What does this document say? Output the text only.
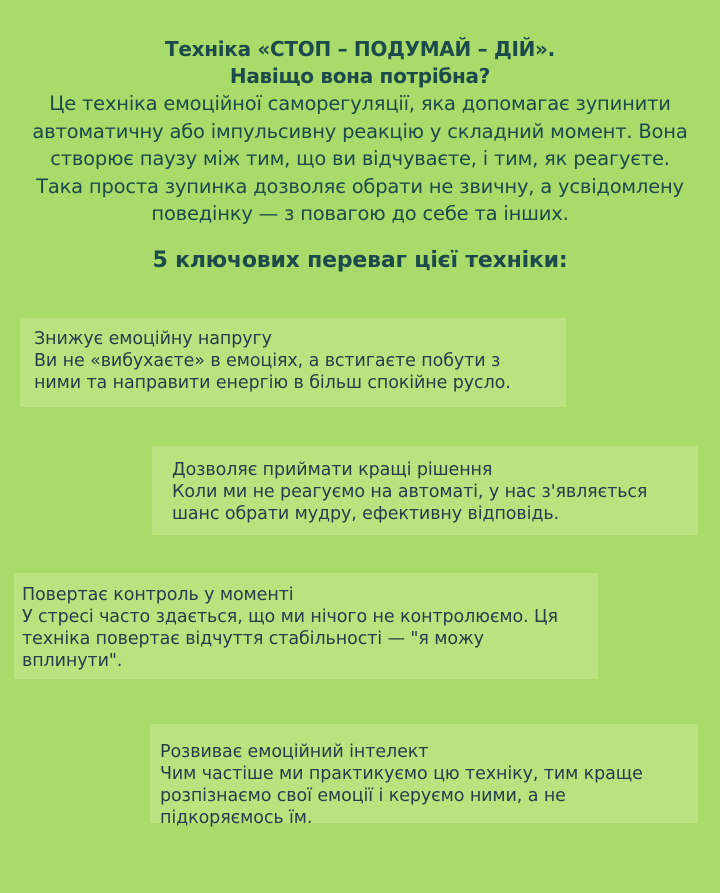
Техніка «СТОП – ПОДУМАЙ – ДІЙ».

Навіщо вона потрібна?

Це техніка емоційної саморегуляції, яка допомагає зупинити

автоматичну або імпульсивну реакцію у складний момент. Вона

створює паузу між тим, що ви відчуваєте, і тим, як реагуєте.

Така проста зупинка дозволяє обрати не звичну, а усвідомлену

поведінку — з повагою до себе та інших.

5 ключових переваг цієї техніки:
Знижує емоційну напругу
Ви не «вибухаєте» в емоціях, а встигаєте побути з
ними та направити енергію в більш спокійне русло.
Дозволяє приймати кращі рішення
Коли ми не реагуємо на автоматі, у нас з'являється
шанс обрати мудру, ефективну відповідь.
Повертає контроль у моменті
У стресі часто здається, що ми нічого не контролюємо. Ця
техніка повертає відчуття стабільності — "я можу
вплинути".
Розвиває емоційний інтелект
Чим частіше ми практикуємо цю техніку, тим краще
розпізнаємо свої емоції і керуємо ними, а не
підкоряємось їм.
